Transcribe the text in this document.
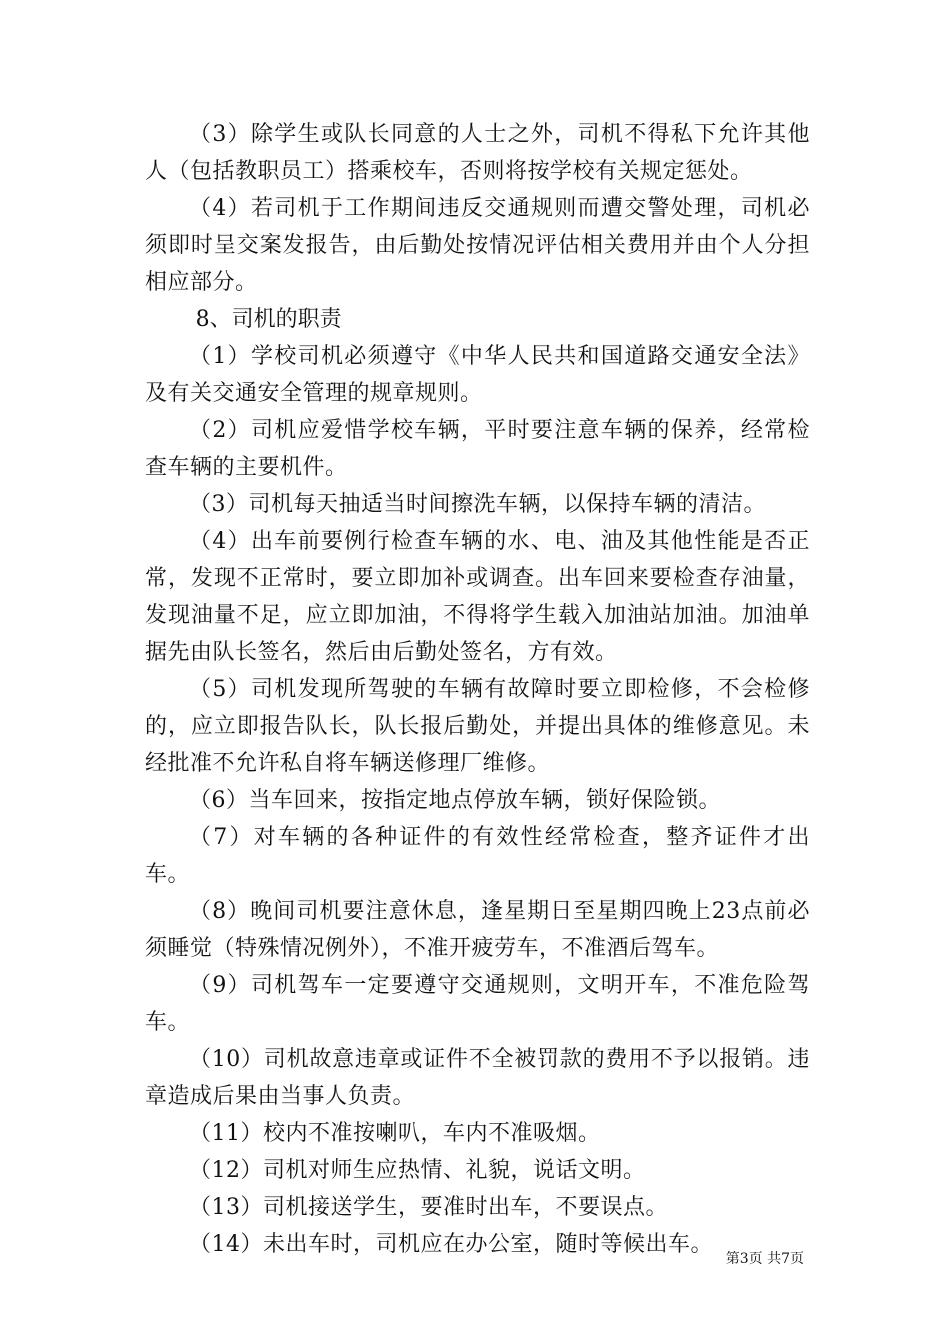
（3）除学生或队长同意的人士之外，司机不得私下允许其他人（包括教职员工）搭乘校车，否则将按学校有关规定惩处。

（4）若司机于工作期间违反交通规则而遭交警处理，司机必须即时呈交案发报告，由后勤处按情况评估相关费用并由个人分担相应部分。

8、司机的职责

（1）学校司机必须遵守《中华人民共和国道路交通安全法》及有关交通安全管理的规章规则。

（2）司机应爱惜学校车辆，平时要注意车辆的保养，经常检查车辆的主要机件。

（3）司机每天抽适当时间擦洗车辆，以保持车辆的清洁。

（4）出车前要例行检查车辆的水、电、油及其他性能是否正常，发现不正常时，要立即加补或调查。出车回来要检查存油量，发现油量不足，应立即加油，不得将学生载入加油站加油。加油单据先由队长签名，然后由后勤处签名，方有效。

（5）司机发现所驾驶的车辆有故障时要立即检修，不会检修的，应立即报告队长，队长报后勤处，并提出具体的维修意见。未经批准不允许私自将车辆送修理厂维修。

（6）当车回来，按指定地点停放车辆，锁好保险锁。

（7）对车辆的各种证件的有效性经常检查，整齐证件才出车。

（8）晚间司机要注意休息，逢星期日至星期四晚上23点前必须睡觉（特殊情况例外），不准开疲劳车，不准酒后驾车。

（9）司机驾车一定要遵守交通规则，文明开车，不准危险驾车。

（10）司机故意违章或证件不全被罚款的费用不予以报销。违章造成后果由当事人负责。

（11）校内不准按喇叭，车内不准吸烟。

（12）司机对师生应热情、礼貌，说话文明。

（13）司机接送学生，要准时出车，不要误点。

（14）未出车时，司机应在办公室，随时等候出车。

第3页 共7页
